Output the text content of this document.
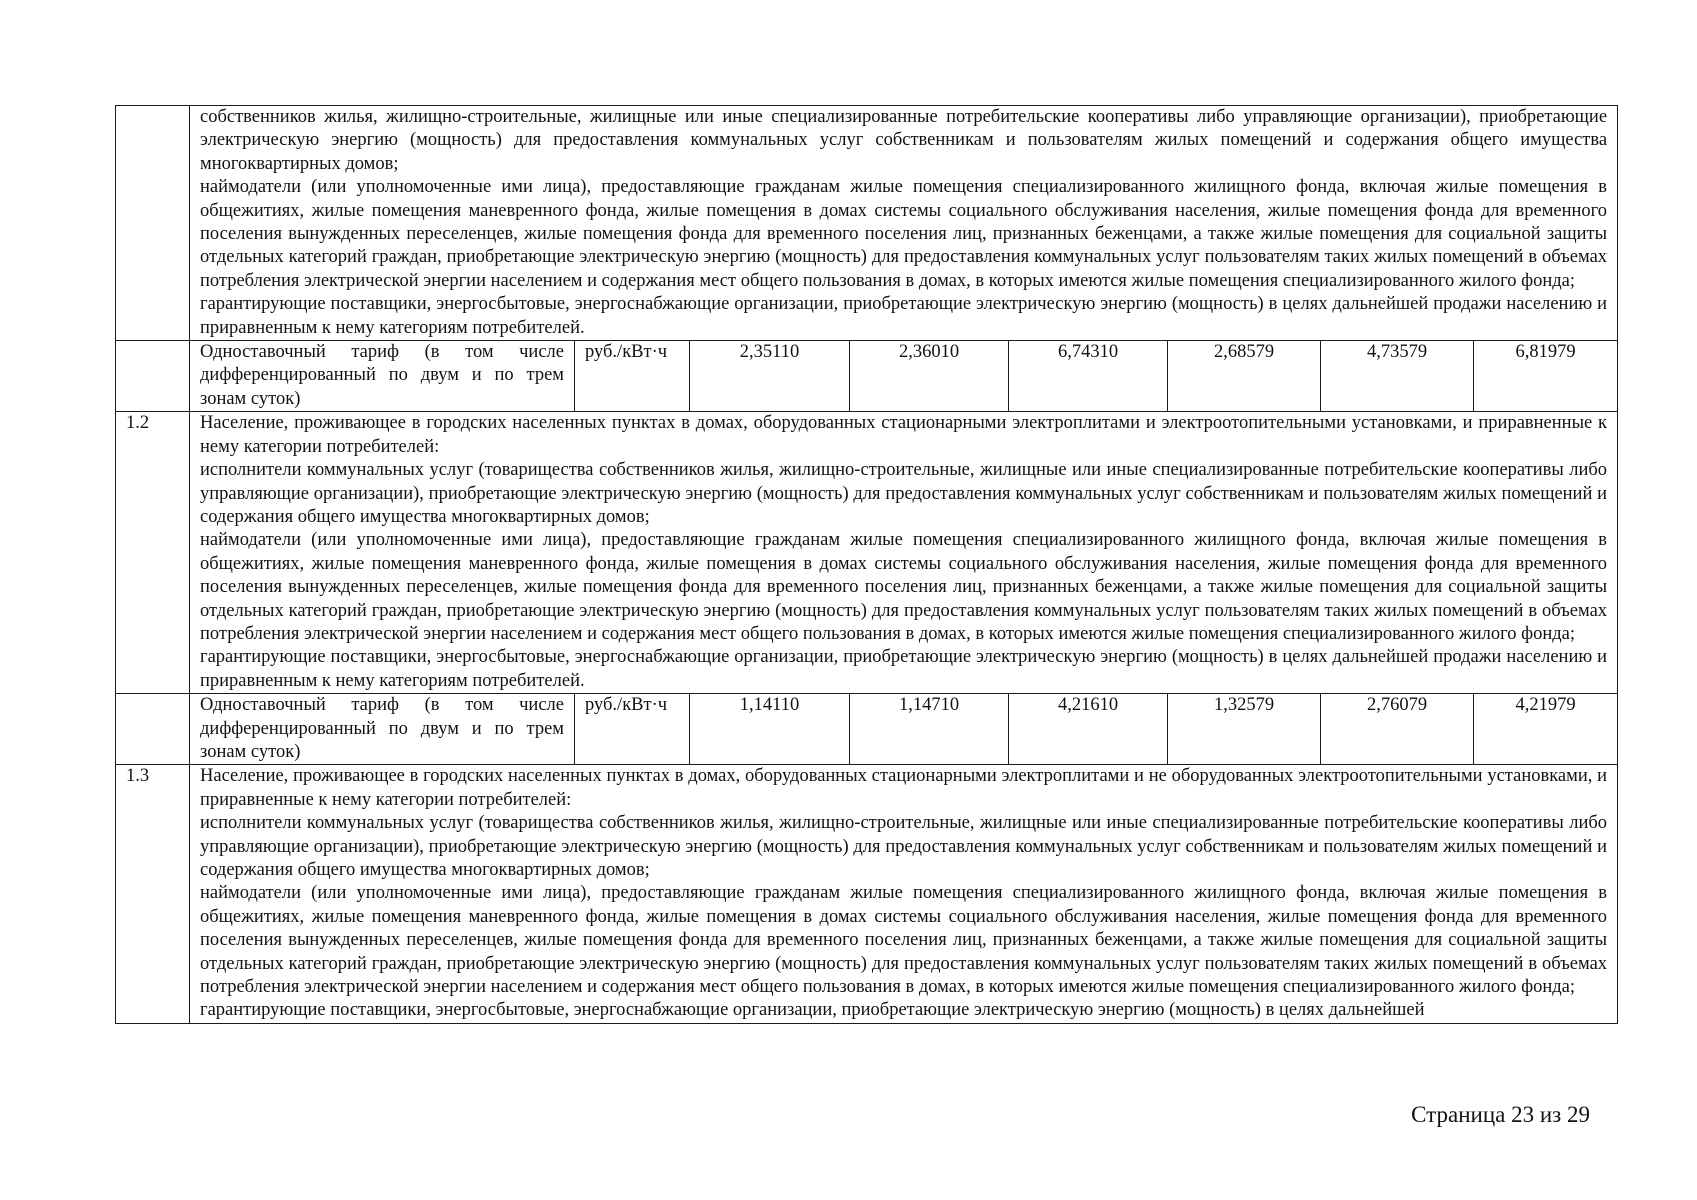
	собственников жилья, жилищно-строительные, жилищные или иные специализированные потребительские кооперативы либо управляющие организации), приобретающие электрическую энергию (мощность) для предоставления коммунальных услуг собственникам и пользователям жилых помещений и содержания общего имущества многоквартирных домов;

наймодатели (или уполномоченные ими лица), предоставляющие гражданам жилые помещения специализированного жилищного фонда, включая жилые помещения в общежитиях, жилые помещения маневренного фонда, жилые помещения в домах системы социального обслуживания населения, жилые помещения фонда для временного поселения вынужденных переселенцев, жилые помещения фонда для временного поселения лиц, признанных беженцами, а также жилые помещения для социальной защиты отдельных категорий граждан, приобретающие электрическую энергию (мощность) для предоставления коммунальных услуг пользователям таких жилых помещений в объемах потребления электрической энергии населением и содержания мест общего пользования в домах, в которых имеются жилые помещения специализированного жилого фонда;

гарантирующие поставщики, энергосбытовые, энергоснабжающие организации, приобретающие электрическую энергию (мощность) в целях дальнейшей продажи населению и приравненным к нему категориям потребителей.							

	Одноставочный тариф (в том числе дифференцированный по двум и по трем зонам суток)	руб./кВт·ч	2,35110	2,36010	6,74310	2,68579	4,73579	6,81979
1.2	Население, проживающее в городских населенных пунктах в домах, оборудованных стационарными электроплитами и электроотопительными установками, и приравненные к нему категории потребителей:

исполнители коммунальных услуг (товарищества собственников жилья, жилищно-строительные, жилищные или иные специализированные потребительские кооперативы либо управляющие организации), приобретающие электрическую энергию (мощность) для предоставления коммунальных услуг собственникам и пользователям жилых помещений и содержания общего имущества многоквартирных домов;

наймодатели (или уполномоченные ими лица), предоставляющие гражданам жилые помещения специализированного жилищного фонда, включая жилые помещения в общежитиях, жилые помещения маневренного фонда, жилые помещения в домах системы социального обслуживания населения, жилые помещения фонда для временного поселения вынужденных переселенцев, жилые помещения фонда для временного поселения лиц, признанных беженцами, а также жилые помещения для социальной защиты отдельных категорий граждан, приобретающие электрическую энергию (мощность) для предоставления коммунальных услуг пользователям таких жилых помещений в объемах потребления электрической энергии населением и содержания мест общего пользования в домах, в которых имеются жилые помещения специализированного жилого фонда;

гарантирующие поставщики, энергосбытовые, энергоснабжающие организации, приобретающие электрическую энергию (мощность) в целях дальнейшей продажи населению и приравненным к нему категориям потребителей.							

	Одноставочный тариф (в том числе дифференцированный по двум и по трем зонам суток)	руб./кВт·ч	1,14110	1,14710	4,21610	1,32579	2,76079	4,21979
1.3	Население, проживающее в городских населенных пунктах в домах, оборудованных стационарными электроплитами и не оборудованных электроотопительными установками, и приравненные к нему категории потребителей:

исполнители коммунальных услуг (товарищества собственников жилья, жилищно-строительные, жилищные или иные специализированные потребительские кооперативы либо управляющие организации), приобретающие электрическую энергию (мощность) для предоставления коммунальных услуг собственникам и пользователям жилых помещений и содержания общего имущества многоквартирных домов;

наймодатели (или уполномоченные ими лица), предоставляющие гражданам жилые помещения специализированного жилищного фонда, включая жилые помещения в общежитиях, жилые помещения маневренного фонда, жилые помещения в домах системы социального обслуживания населения, жилые помещения фонда для временного поселения вынужденных переселенцев, жилые помещения фонда для временного поселения лиц, признанных беженцами, а также жилые помещения для социальной защиты отдельных категорий граждан, приобретающие электрическую энергию (мощность) для предоставления коммунальных услуг пользователям таких жилых помещений в объемах потребления электрической энергии населением и содержания мест общего пользования в домах, в которых имеются жилые помещения специализированного жилого фонда;

гарантирующие поставщики, энергосбытовые, энергоснабжающие организации, приобретающие электрическую энергию (мощность) в целях дальнейшей							

Страница 23 из 29
